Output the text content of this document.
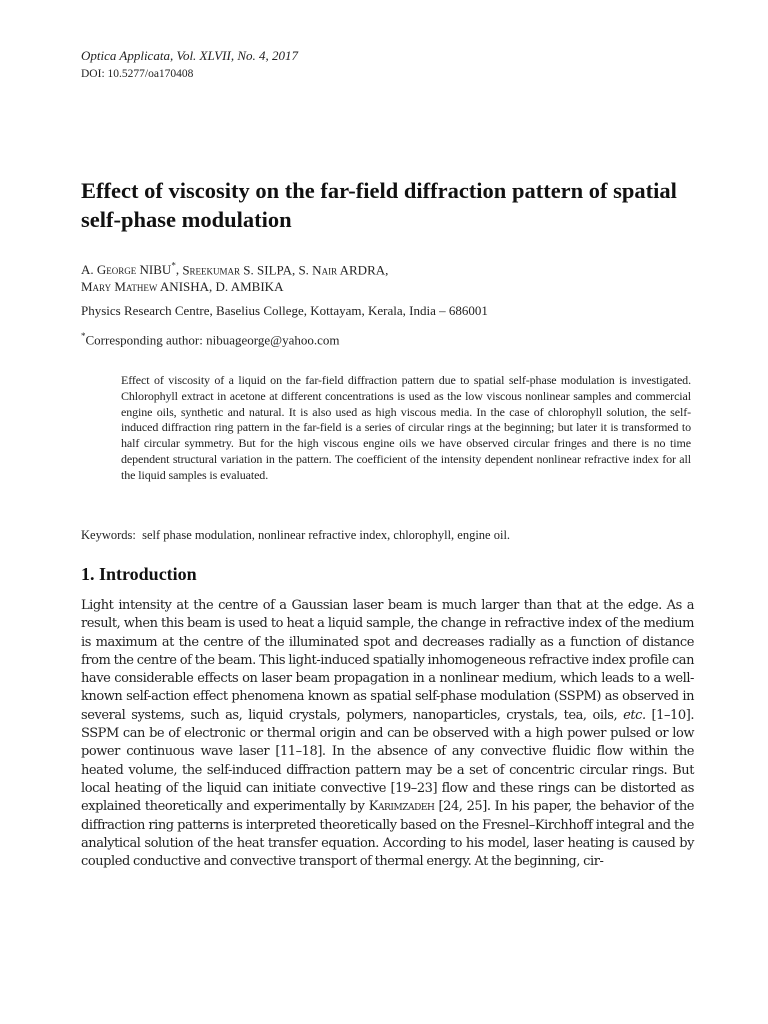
Optica Applicata, Vol. XLVII, No. 4, 2017

DOI: 10.5277/oa170408

Effect of viscosity on the far-field diffraction pattern of spatial self-phase modulation

A. George NIBU*, Sreekumar S. SILPA, S. Nair ARDRA,
Mary Mathew ANISHA, D. AMBIKA

Physics Research Centre, Baselius College, Kottayam, Kerala, India – 686001

*Corresponding author: nibuageorge@yahoo.com

Effect of viscosity of a liquid on the far-field diffraction pattern due to spatial self-phase modulation is investigated. Chlorophyll extract in acetone at different concentrations is used as the low viscous nonlinear samples and commercial engine oils, synthetic and natural. It is also used as high viscous media. In the case of chlorophyll solution, the self-induced diffraction ring pattern in the far-field is a series of circular rings at the beginning; but later it is transformed to half circular symmetry. But for the high viscous engine oils we have observed circular fringes and there is no time dependent structural variation in the pattern. The coefficient of the intensity dependent nonlinear refractive index for all the liquid samples is evaluated.

Keywords: self phase modulation, nonlinear refractive index, chlorophyll, engine oil.

1. Introduction

Light intensity at the centre of a Gaussian laser beam is much larger than that at the edge. As a result, when this beam is used to heat a liquid sample, the change in refractive index of the medium is maximum at the centre of the illuminated spot and decreases radially as a function of distance from the centre of the beam. This light-induced spatially inhomogeneous refractive index profile can have considerable effects on laser beam propagation in a nonlinear medium, which leads to a well-known self-action effect phenomena known as spatial self-phase modulation (SSPM) as observed in several systems, such as, liquid crystals, polymers, nanoparticles, crystals, tea, oils, etc. [1–10]. SSPM can be of electronic or thermal origin and can be observed with a high power pulsed or low power continuous wave laser [11–18]. In the absence of any convective fluidic flow within the heated volume, the self-induced diffraction pattern may be a set of concentric circular rings. But local heating of the liquid can initiate convective [19–23] flow and these rings can be distorted as explained theoretically and experimentally by Karimzadeh [24, 25]. In his paper, the behavior of the diffraction ring patterns is interpreted theoretically based on the Fresnel–Kirchhoff integral and the analytical solution of the heat transfer equation. According to his model, laser heating is caused by coupled conductive and convective transport of thermal energy. At the beginning, cir-
